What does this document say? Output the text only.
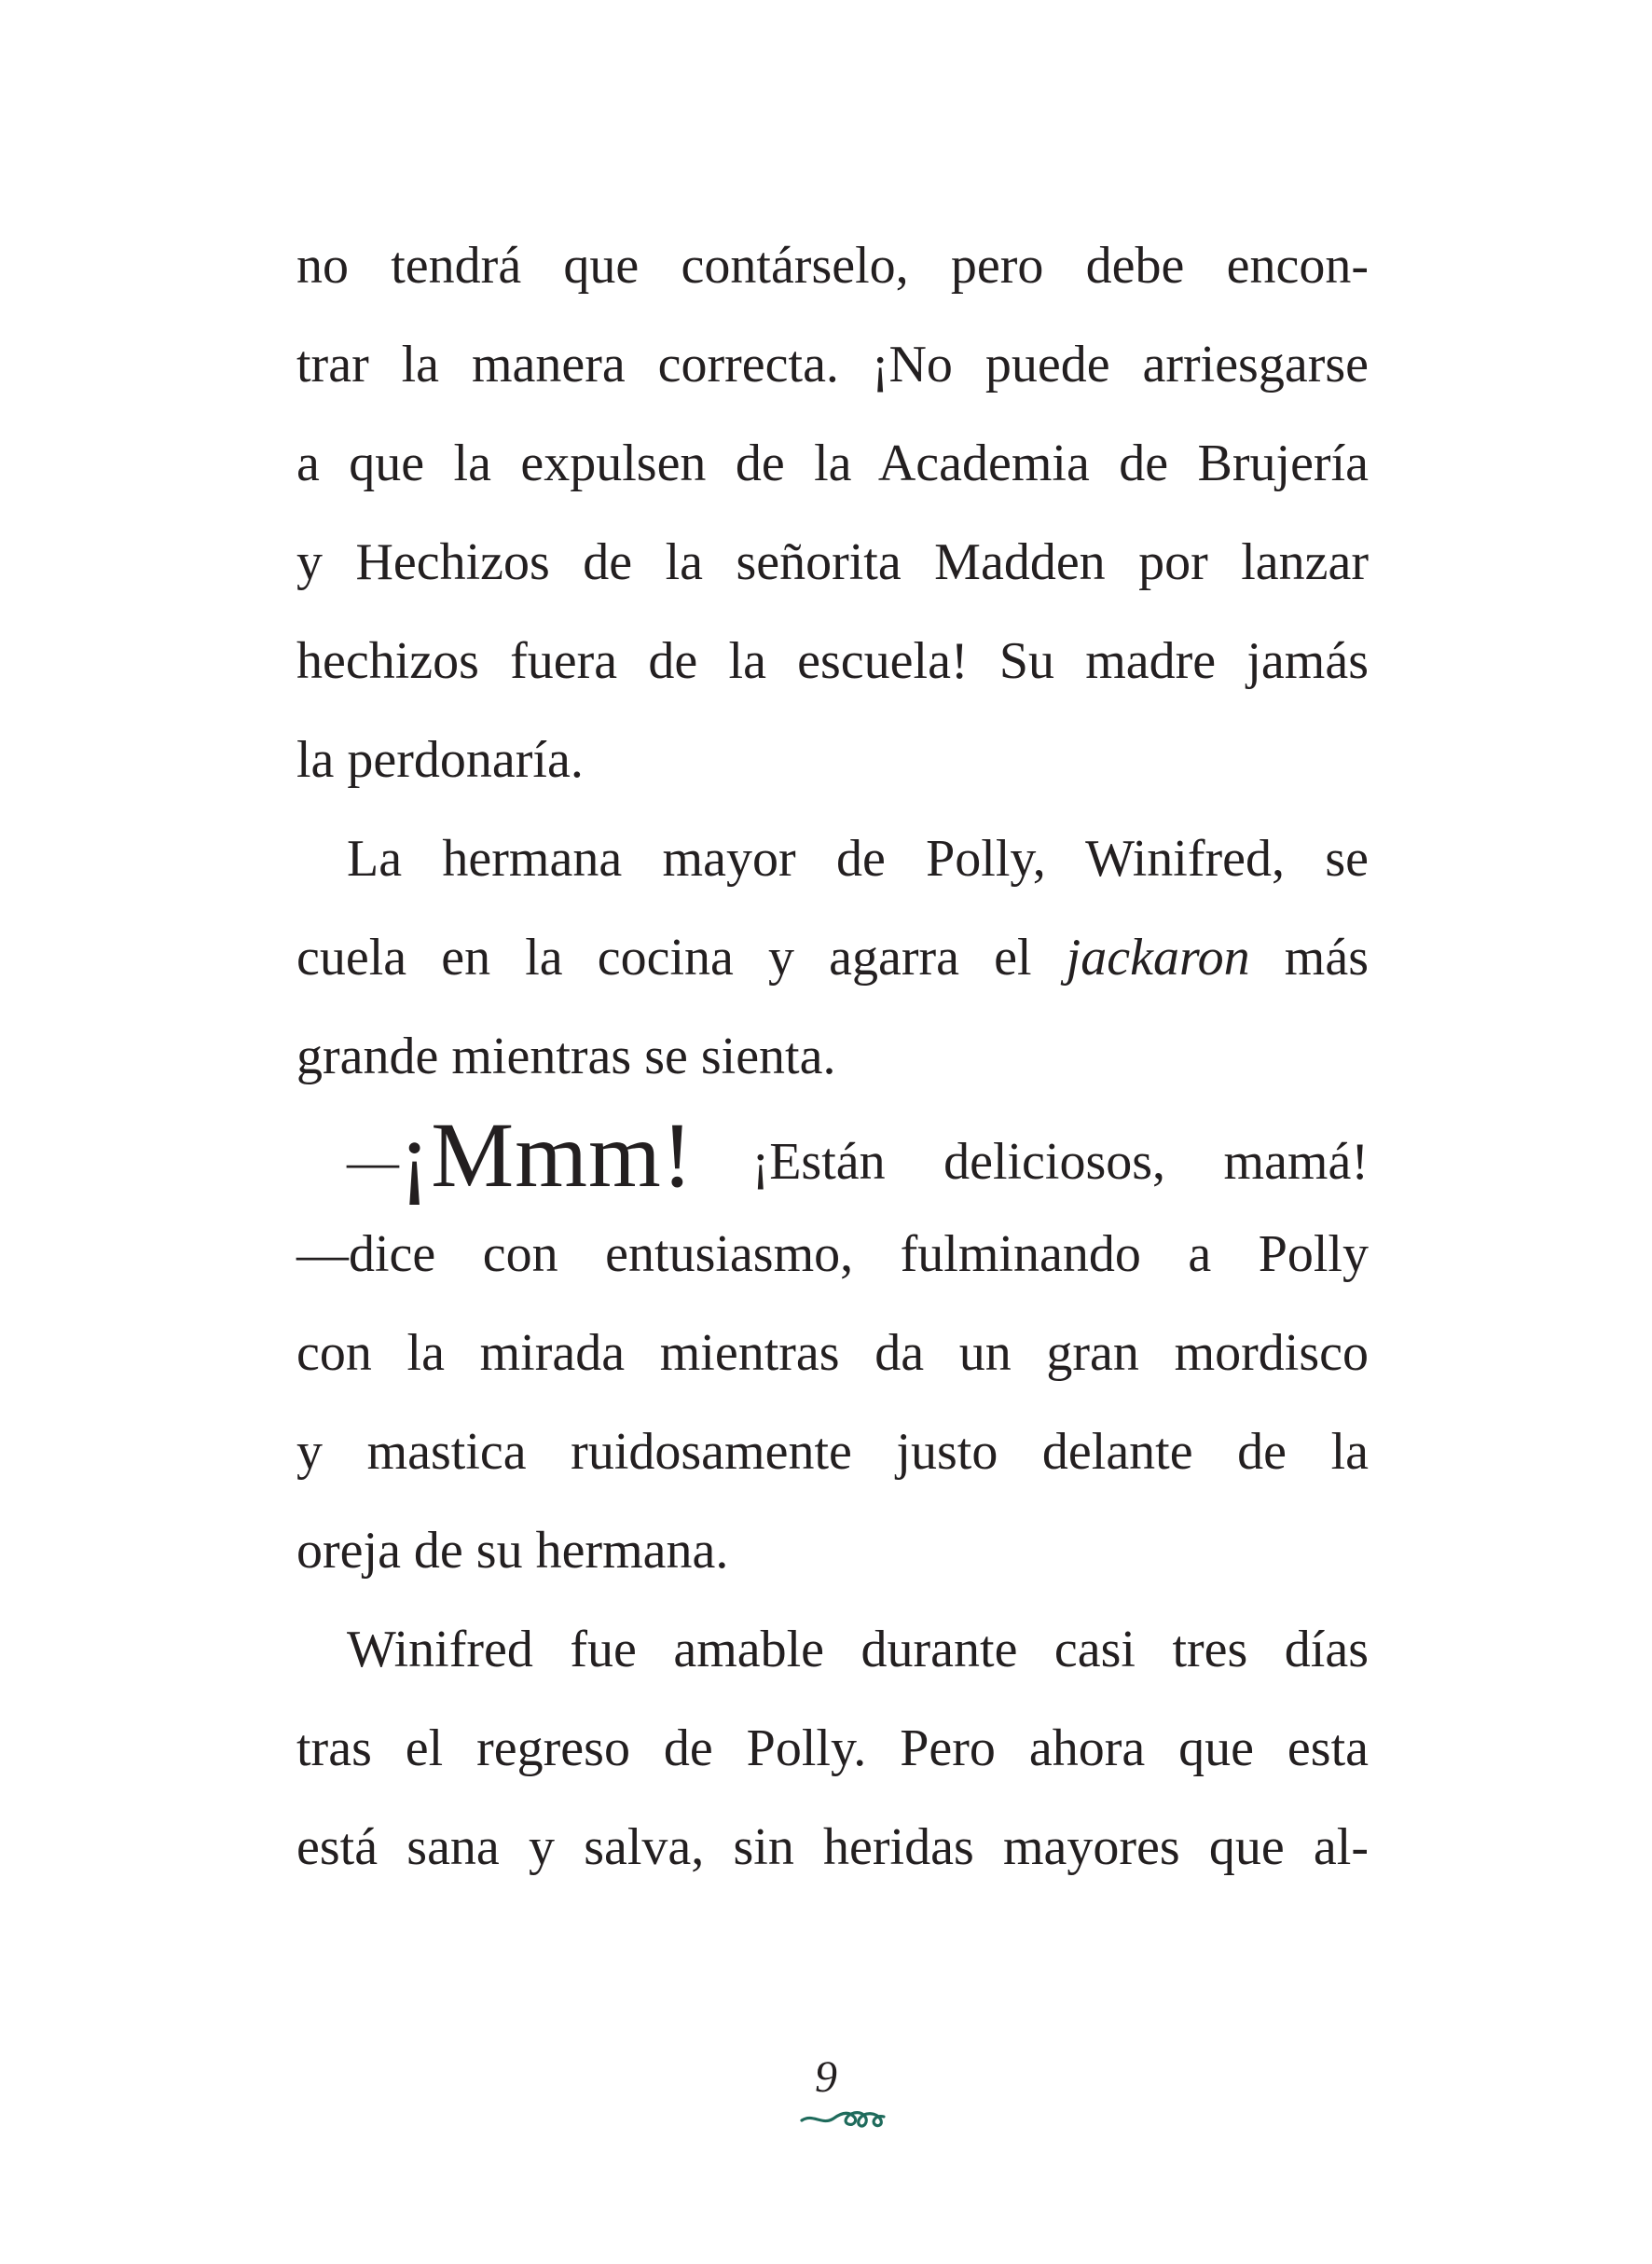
no tendrá que contárselo, pero debe encon-
trar la manera correcta. ¡No puede arriesgarse
a que la expulsen de la Academia de Brujería
y Hechizos de la señorita Madden por lanzar
hechizos fuera de la escuela! Su madre jamás
la perdonaría.
La hermana mayor de Polly, Winifred, se
cuela en la cocina y agarra el jackaron más
grande mientras se sienta.
—¡Mmm! ¡Están deliciosos, mamá!
—dice con entusiasmo, fulminando a Polly
con la mirada mientras da un gran mordisco
y mastica ruidosamente justo delante de la
oreja de su hermana.
Winifred fue amable durante casi tres días
tras el regreso de Polly. Pero ahora que esta
está sana y salva, sin heridas mayores que al-
9
